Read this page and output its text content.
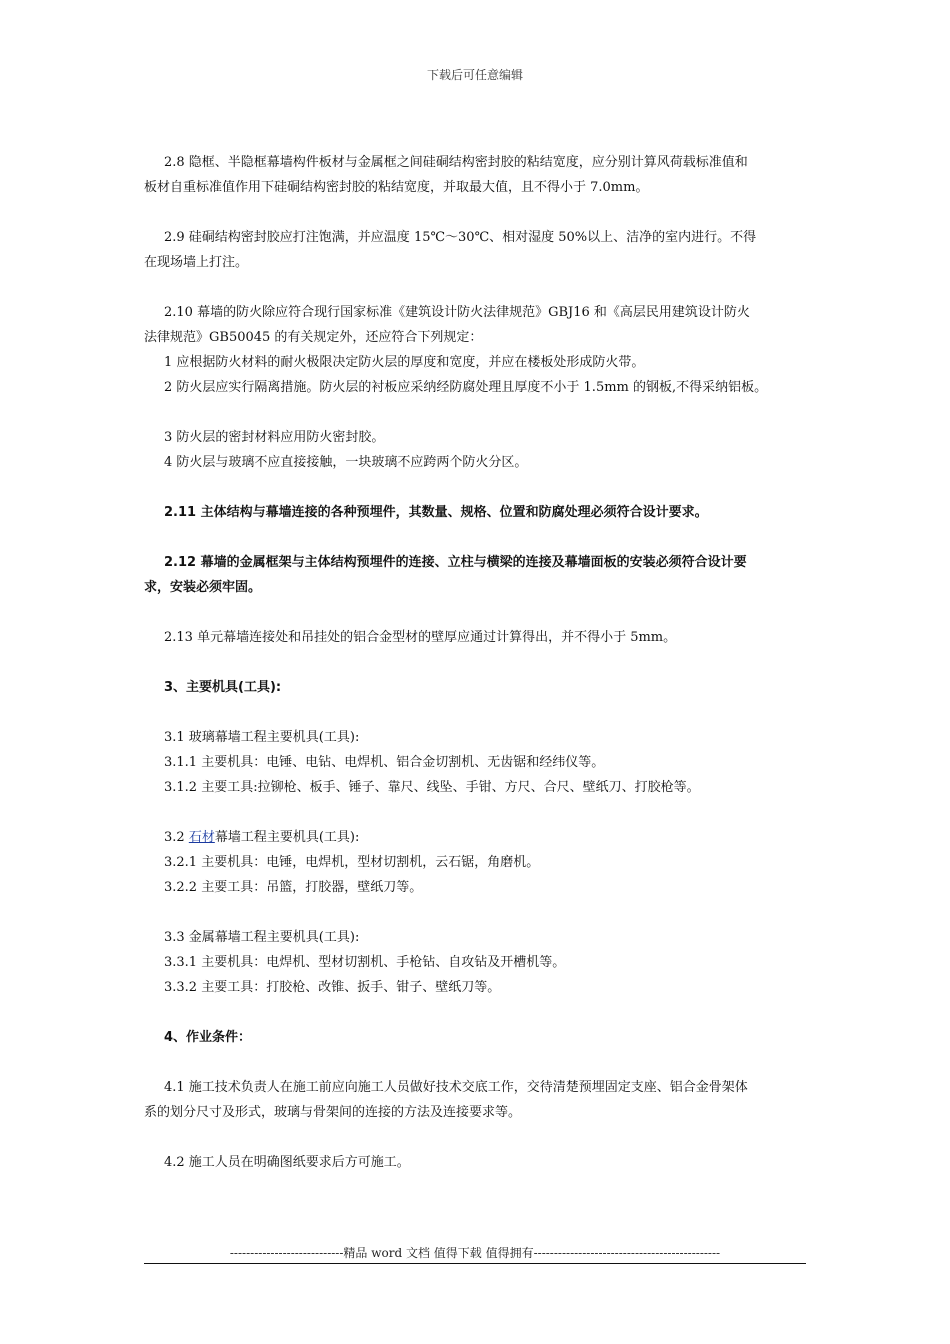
下载后可任意编辑

2.8 隐框、半隐框幕墙构件板材与金属框之间硅硐结构密封胶的粘结宽度，应分别计算风荷载标准值和

板材自重标准值作用下硅硐结构密封胶的粘结宽度，并取最大值，且不得小于 7.0mm。

2.9 硅硐结构密封胶应打注饱满，并应温度 15℃～30℃、相对湿度 50%以上、洁净的室内进行。不得

在现场墙上打注。

2.10 幕墙的防火除应符合现行国家标准《建筑设计防火法律规范》GBJ16 和《高层民用建筑设计防火

法律规范》GB50045 的有关规定外，还应符合下列规定：

1 应根据防火材料的耐火极限决定防火层的厚度和宽度，并应在楼板处形成防火带。

2 防火层应实行隔离措施。防火层的衬板应采纳经防腐处理且厚度不小于 1.5mm 的钢板,不得采纳铝板。

3 防火层的密封材料应用防火密封胶。

4 防火层与玻璃不应直接接触，一块玻璃不应跨两个防火分区。

2.11 主体结构与幕墙连接的各种预埋件，其数量、规格、位置和防腐处理必须符合设计要求。

2.12 幕墙的金属框架与主体结构预埋件的连接、立柱与横梁的连接及幕墙面板的安装必须符合设计要

求，安装必须牢固。

2.13 单元幕墙连接处和吊挂处的铝合金型材的壁厚应通过计算得出，并不得小于 5mm。

3、主要机具(工具):

3.1 玻璃幕墙工程主要机具(工具):

3.1.1 主要机具：电锤、电钻、电焊机、铝合金切割机、无齿锯和经纬仪等。

3.1.2 主要工具:拉铆枪、板手、锤子、靠尺、线坠、手钳、方尺、合尺、壁纸刀、打胶枪等。

3.2 石材幕墙工程主要机具(工具):

3.2.1 主要机具：电锤，电焊机，型材切割机，云石锯，角磨机。

3.2.2 主要工具：吊篮，打胶器，壁纸刀等。

3.3 金属幕墙工程主要机具(工具):

3.3.1 主要机具：电焊机、型材切割机、手枪钻、自攻钻及开槽机等。

3.3.2 主要工具：打胶枪、改锥、扳手、钳子、壁纸刀等。

4、作业条件：

4.1 施工技术负责人在施工前应向施工人员做好技术交底工作，交待清楚预埋固定支座、铝合金骨架体

系的划分尺寸及形式，玻璃与骨架间的连接的方法及连接要求等。

4.2 施工人员在明确图纸要求后方可施工。

----------------------------精品 word 文档 值得下载 值得拥有----------------------------------------------
